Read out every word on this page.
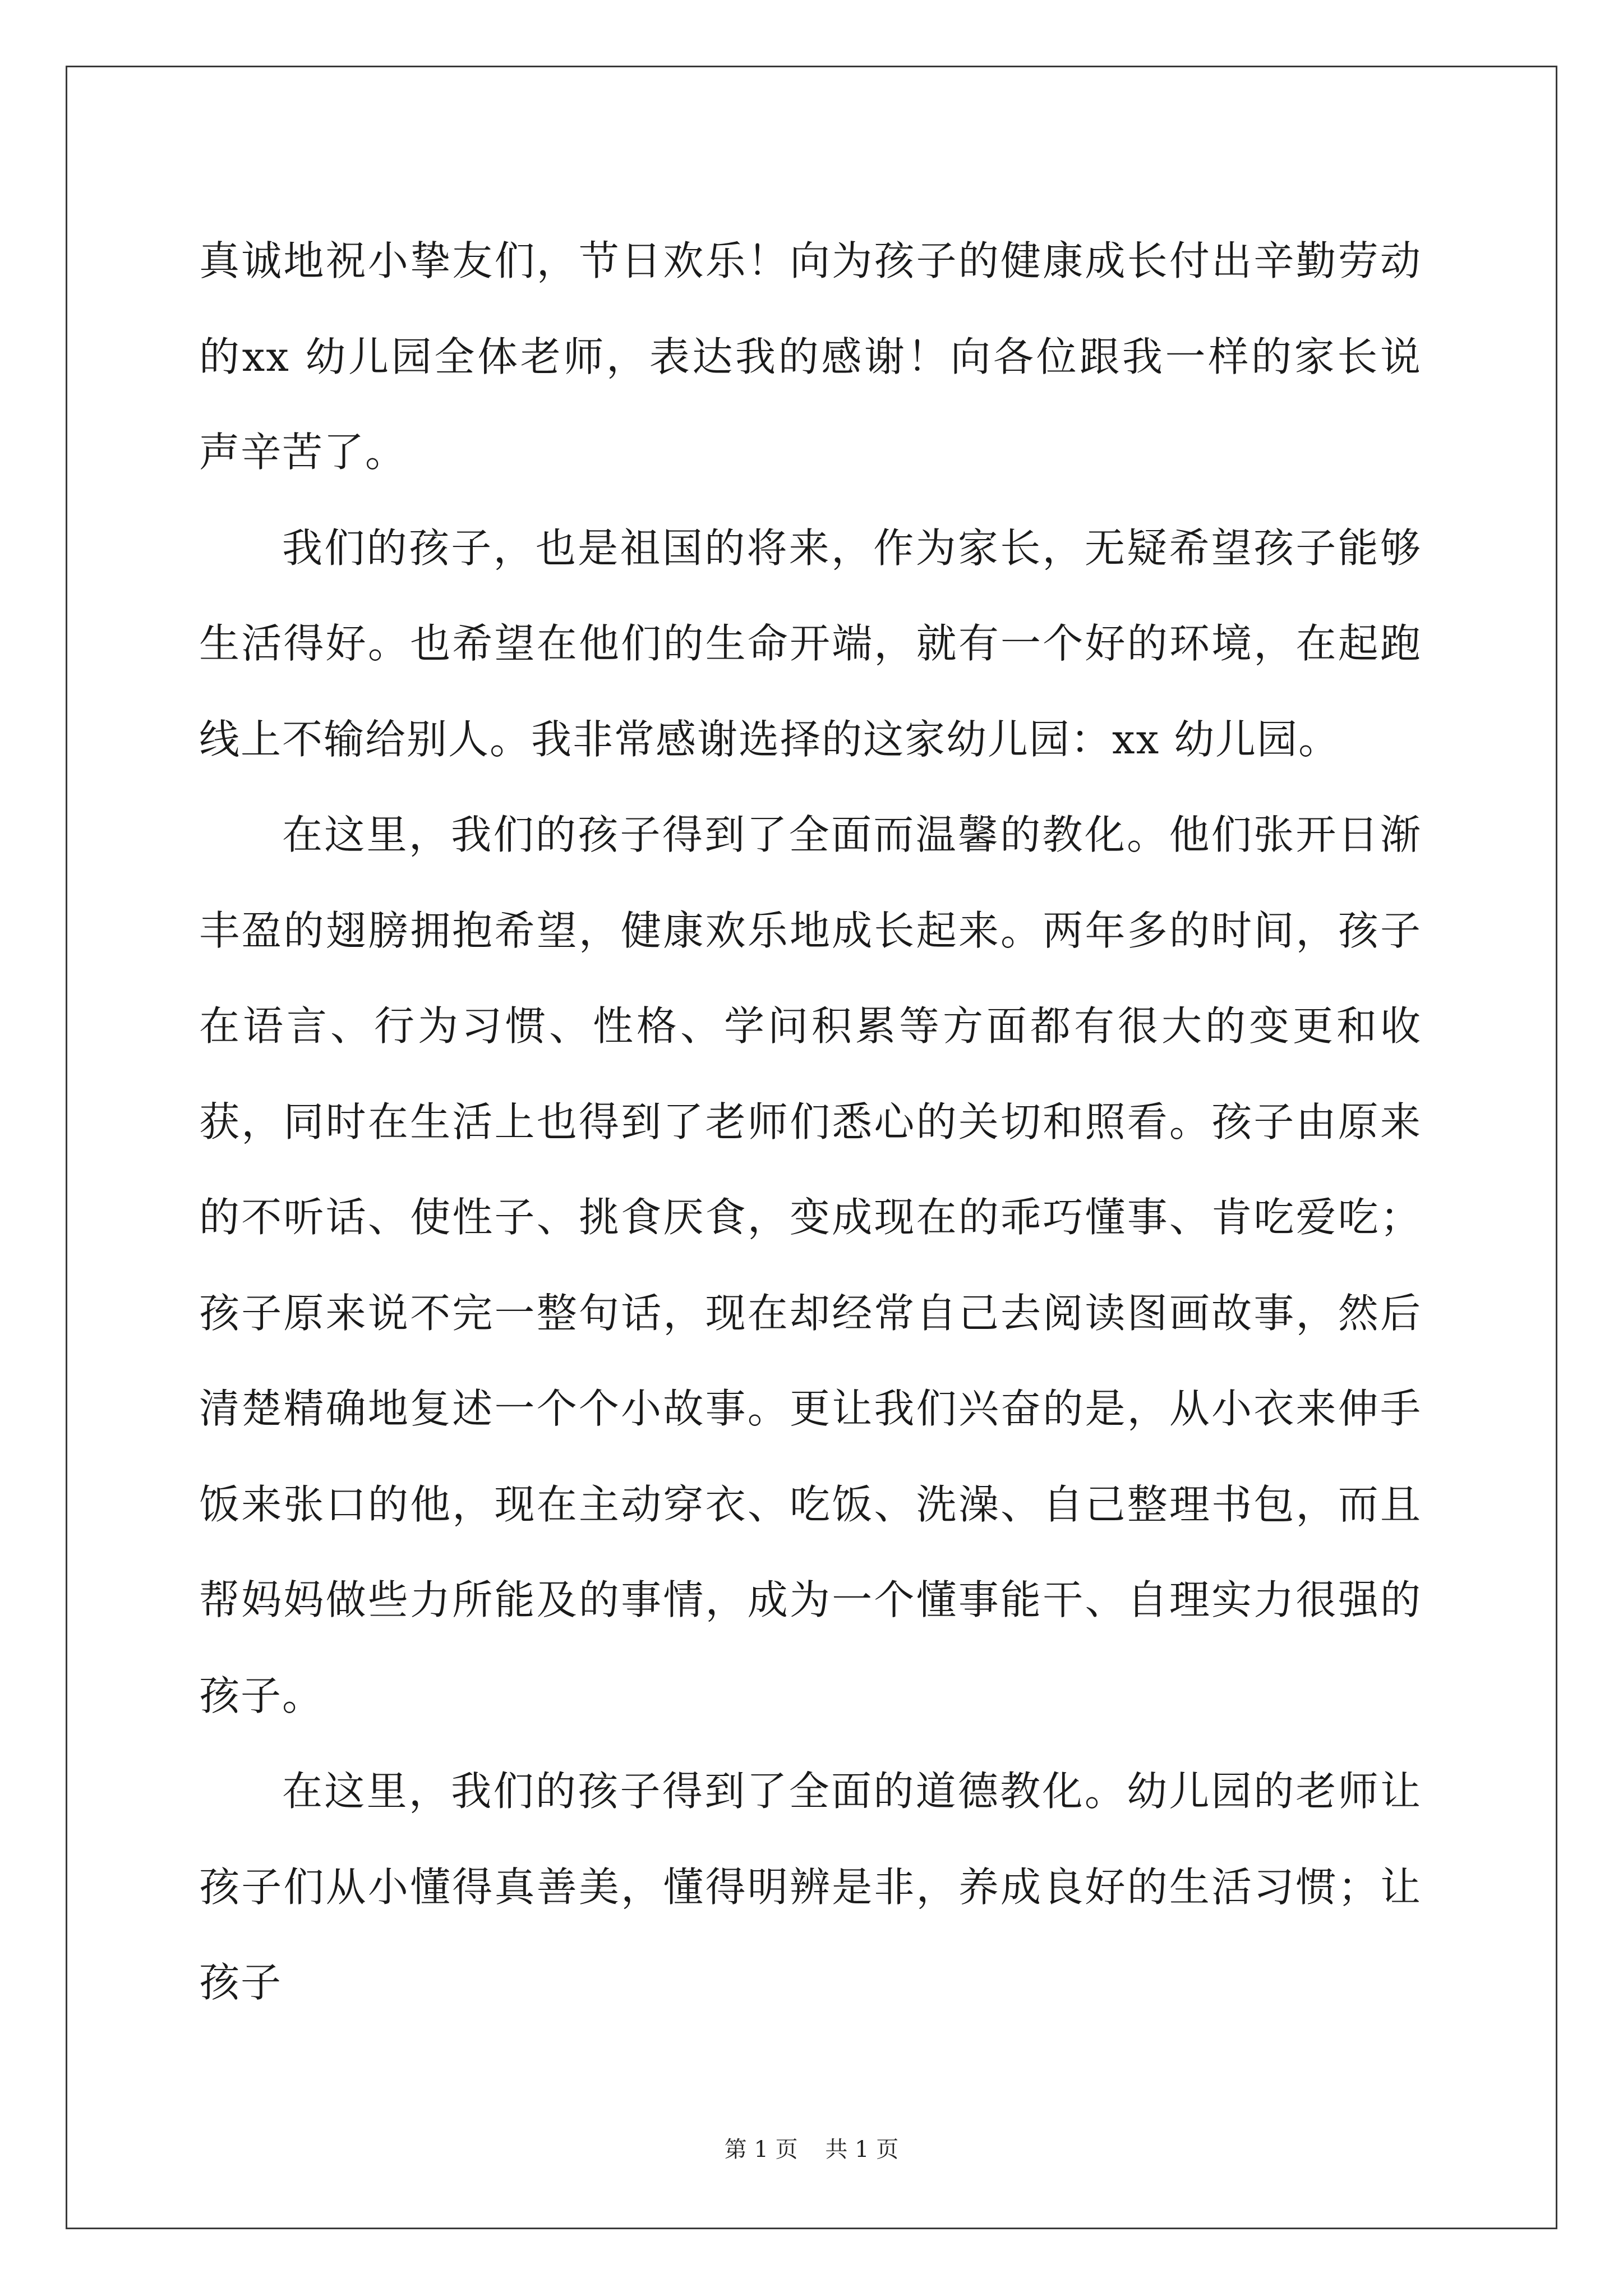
真诚地祝小挚友们，节日欢乐！向为孩子的健康成长付出辛勤劳动的xx 幼儿园全体老师，表达我的感谢！向各位跟我一样的家长说声辛苦了。

我们的孩子，也是祖国的将来，作为家长，无疑希望孩子能够生活得好。也希望在他们的生命开端，就有一个好的环境，在起跑线上不输给别人。我非常感谢选择的这家幼儿园：xx 幼儿园。

在这里，我们的孩子得到了全面而温馨的教化。他们张开日渐丰盈的翅膀拥抱希望，健康欢乐地成长起来。两年多的时间，孩子在语言、行为习惯、性格、学问积累等方面都有很大的变更和收获，同时在生活上也得到了老师们悉心的关切和照看。孩子由原来的不听话、使性子、挑食厌食，变成现在的乖巧懂事、肯吃爱吃；孩子原来说不完一整句话，现在却经常自己去阅读图画故事，然后清楚精确地复述一个个小故事。更让我们兴奋的是，从小衣来伸手饭来张口的他，现在主动穿衣、吃饭、洗澡、自己整理书包，而且帮妈妈做些力所能及的事情，成为一个懂事能干、自理实力很强的孩子。

在这里，我们的孩子得到了全面的道德教化。幼儿园的老师让孩子们从小懂得真善美，懂得明辨是非，养成良好的生活习惯；让孩子

第 1 页 共 1 页
